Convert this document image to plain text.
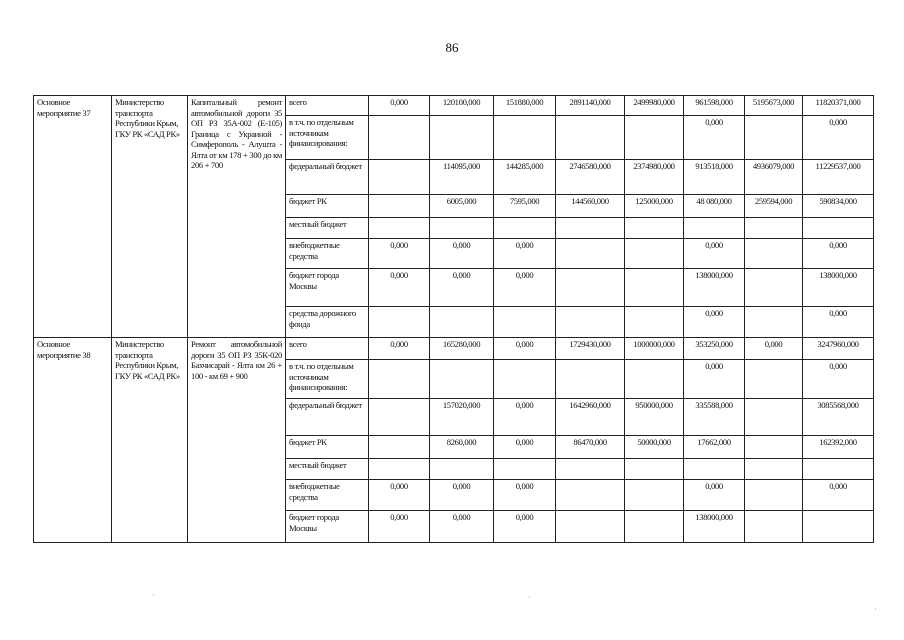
86
Основное мероприятие 37	Министерство транспорта Республики Крым, ГКУ РК «САД РК»	Капитальный ремонт автомобильной дороги 35 ОП РЗ 35А-002 (Е-105) Граница с Украиной - Симферополь - Алушта - Ялта от км 178 + 300 до км 206 + 700	всего	0,000	120100,000	151880,000	2891140,000	2499980,000	961598,000	5195673,000	11820371,000
			в т.ч. по отдельным источникам финансирования:						0,000		0,000
			федеральный бюджет		114095,000	144285,000	2746580,000	2374980,000	913518,000	4936079,000	11229537,000
			бюджет РК		6005,000	7595,000	144560,000	125000,000	48 080,000	259594,000	590834,000
			местный бюджет								
			внебюджетные средства	0,000	0,000	0,000			0,000		0,000
			бюджет города Москвы	0,000	0,000	0,000			138000,000		138000,000
			средства дорожного фонда						0,000		0,000
Основное мероприятие 38	Министерство транспорта Республики Крым, ГКУ РК «САД РК»	Ремонт автомобильной дороги 35 ОП РЗ 35К-020 Бахчисарай - Ялта км 26 + 100 - км 69 + 900	всего	0,000	165280,000	0,000	1729430,000	1000000,000	353250,000	0,000	3247960,000
			в т.ч. по отдельным источникам финансирования:						0,000		0,000
			федеральный бюджет		157020,000	0,000	1642960,000	950000,000	335588,000		3085568,000
			бюджет РК		8260,000	0,000	86470,000	50000,000	17662,000		162392,000
			местный бюджет								
			внебюджетные средства	0,000	0,000	0,000			0,000		0,000
			бюджет города Москвы	0,000	0,000	0,000			138000,000		
·	·
·
